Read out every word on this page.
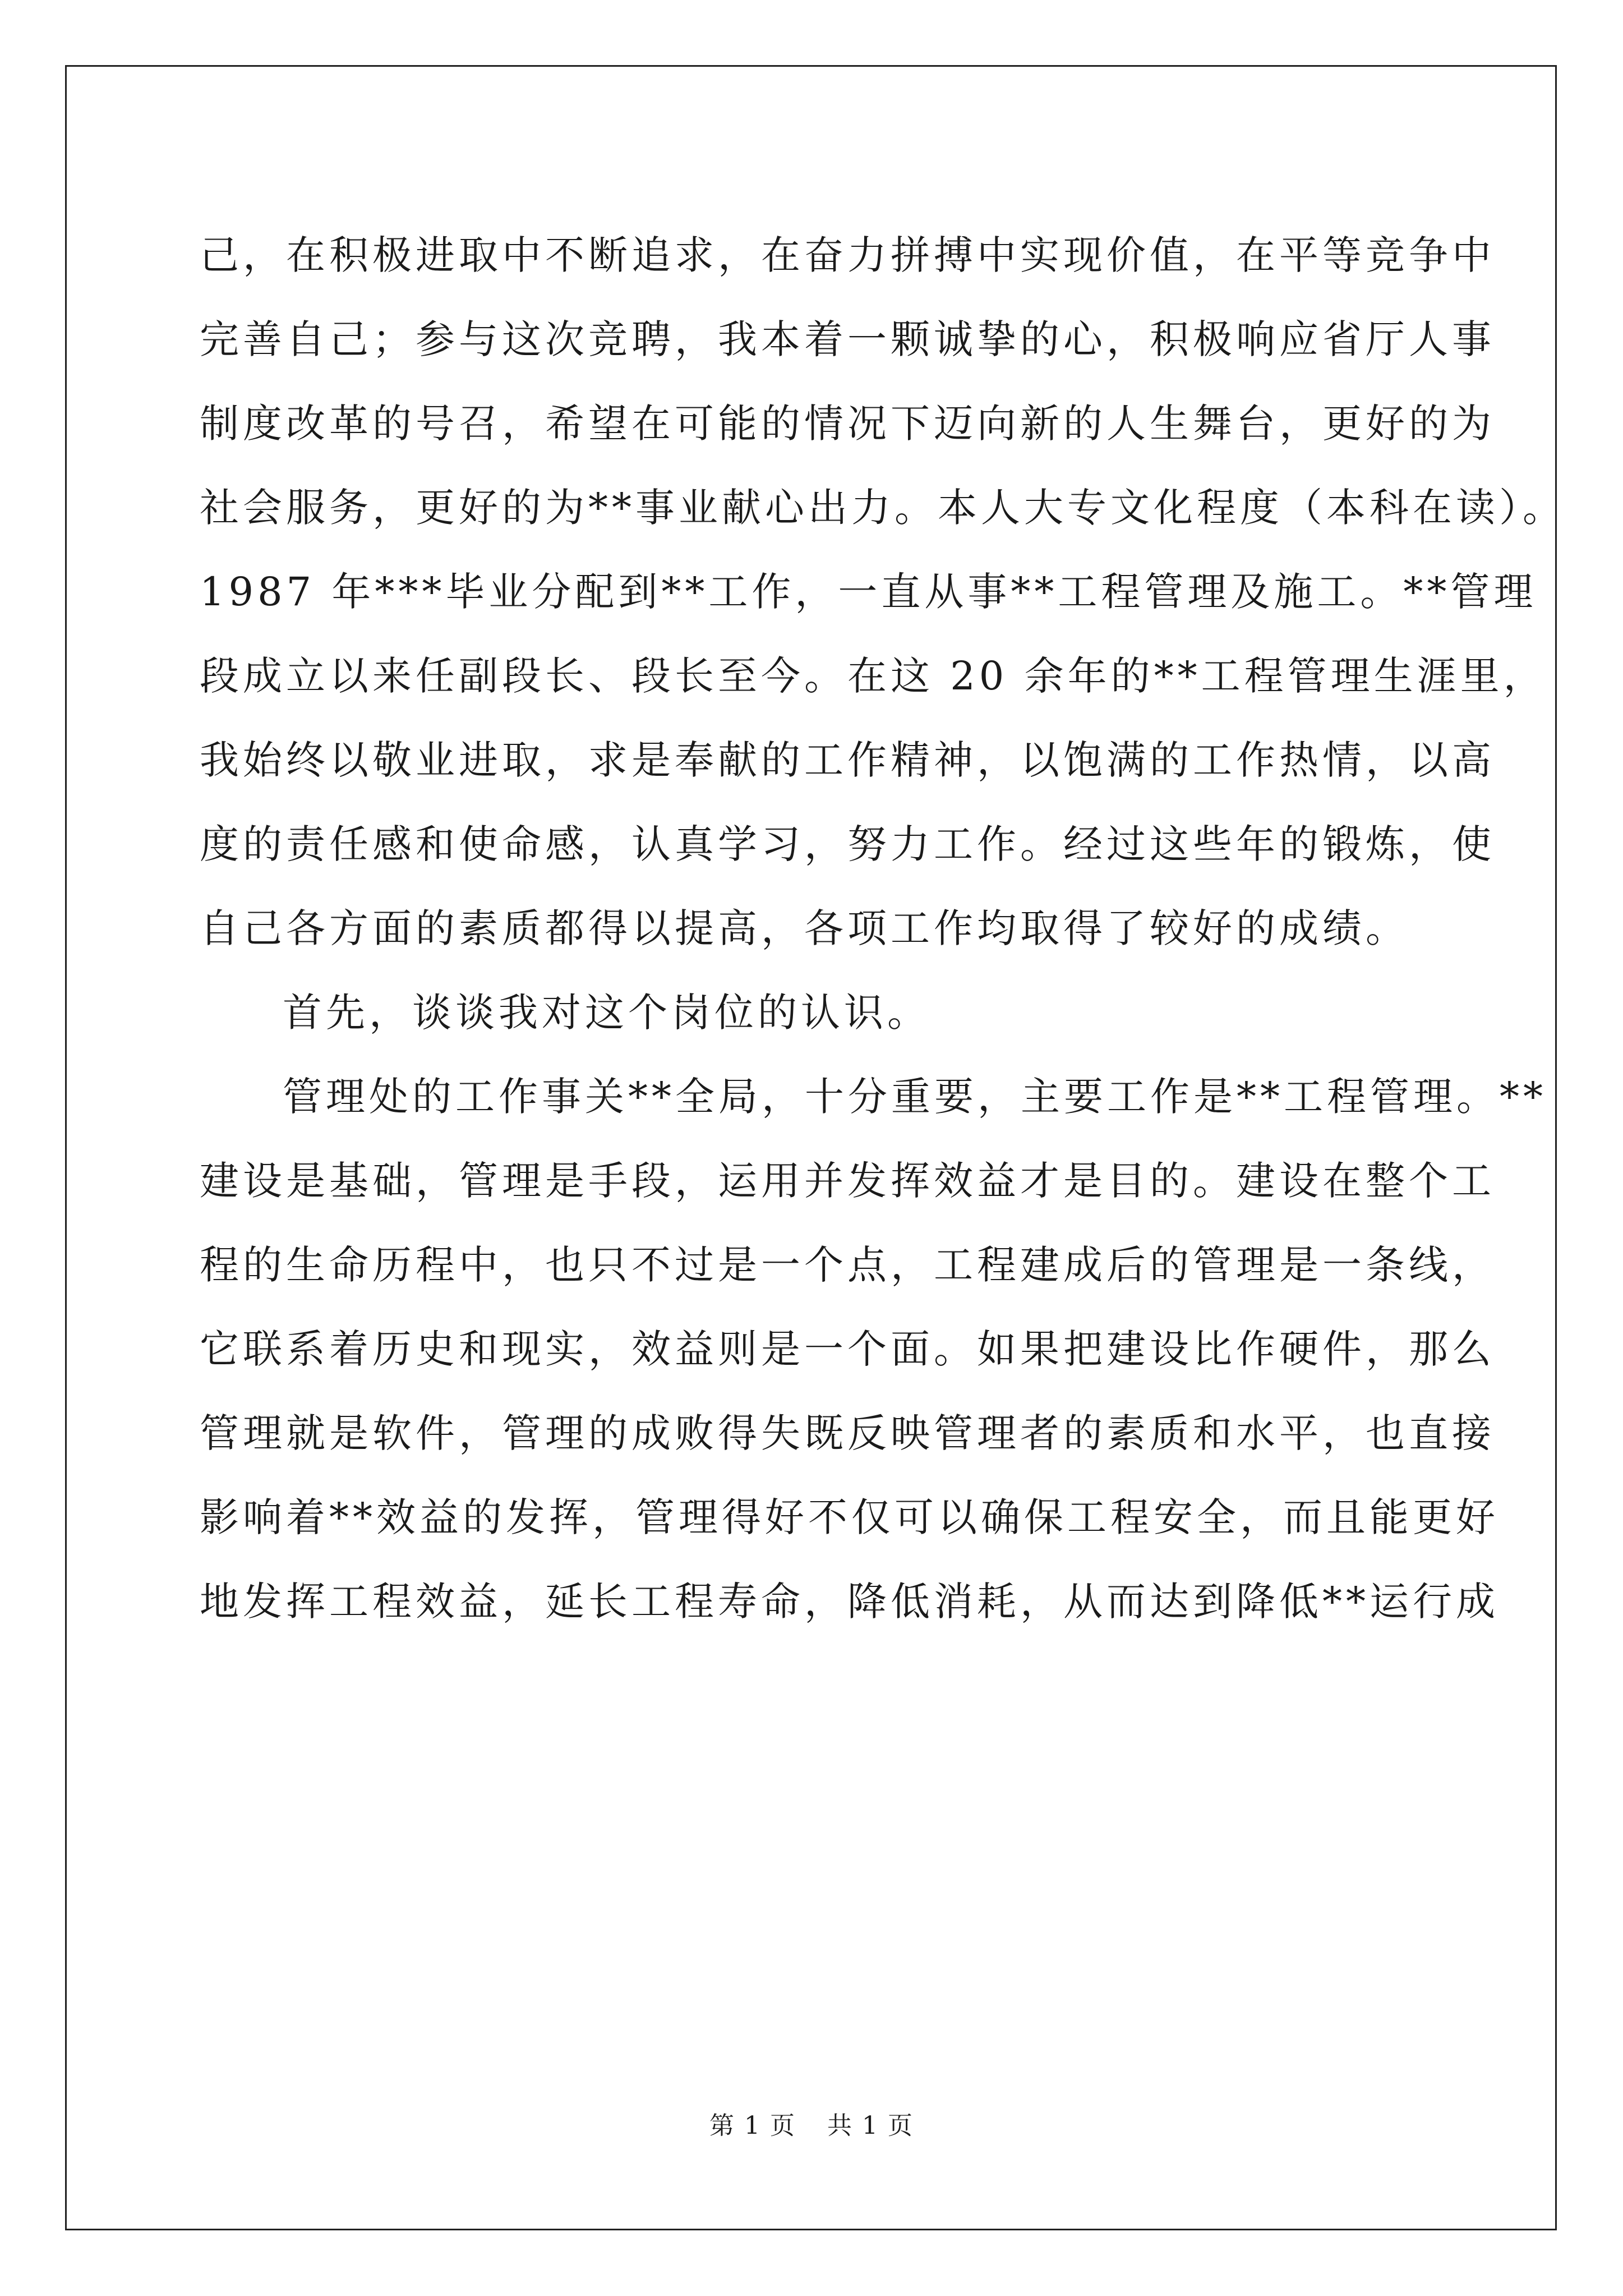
己，在积极进取中不断追求，在奋力拼搏中实现价值，在平等竞争中
完善自己；参与这次竞聘，我本着一颗诚挚的心，积极响应省厅人事
制度改革的号召，希望在可能的情况下迈向新的人生舞台，更好的为
社会服务，更好的为**事业献心出力。本人大专文化程度（本科在读）。
1987 年***毕业分配到**工作，一直从事**工程管理及施工。**管理
段成立以来任副段长、段长至今。在这 20 余年的**工程管理生涯里，
我始终以敬业进取，求是奉献的工作精神，以饱满的工作热情，以高
度的责任感和使命感，认真学习，努力工作。经过这些年的锻炼，使
自己各方面的素质都得以提高，各项工作均取得了较好的成绩。
首先，谈谈我对这个岗位的认识。
管理处的工作事关**全局，十分重要，主要工作是**工程管理。**
建设是基础，管理是手段，运用并发挥效益才是目的。建设在整个工
程的生命历程中，也只不过是一个点，工程建成后的管理是一条线，
它联系着历史和现实，效益则是一个面。如果把建设比作硬件，那么
管理就是软件，管理的成败得失既反映管理者的素质和水平，也直接
影响着**效益的发挥，管理得好不仅可以确保工程安全，而且能更好
地发挥工程效益，延长工程寿命，降低消耗，从而达到降低**运行成
第 1 页 共 1 页
